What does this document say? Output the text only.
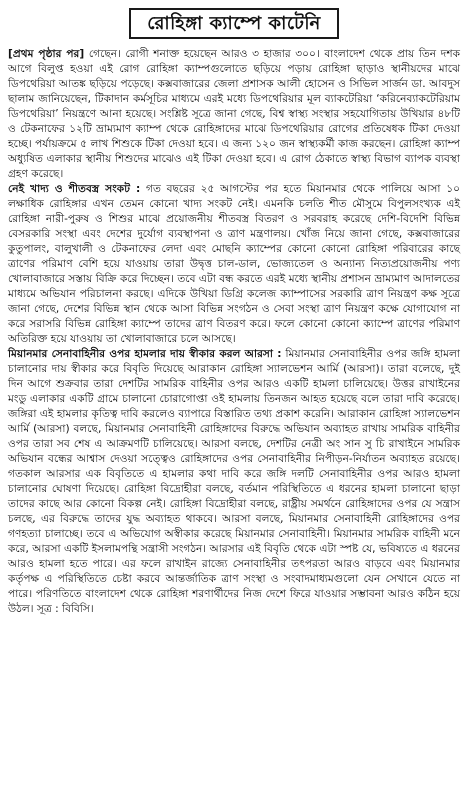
রোহিঙ্গা ক্যাম্পে কাটেনি

[প্রথম পৃষ্ঠার পর] গেছেন। রোগী শনাক্ত হয়েছেন আরও ৩ হাজার ৩০০। বাংলাদেশ থেকে প্রায় তিন দশক আগে বিলুপ্ত হওয়া এই রোগ রোহিঙ্গা ক্যাম্পগুলোতে ছড়িয়ে পড়ায় রোহিঙ্গা ছাড়াও স্থানীয়দের মাঝে ডিপথেরিয়া আতঙ্ক ছড়িয়ে পড়েছে। কক্সবাজারের জেলা প্রশাসক আলী হোসেন ও সিভিল সার্জন ডা. আবদুস ছালাম জানিয়েছেন, টিকাদান কর্মসূচির মাধ্যমে এরই মধ্যে ডিপথেরিয়ার মূল ব্যাকটেরিয়া ‘করিনেব্যাকটেরিয়াম ডিপথেরিয়া’ নিয়ন্ত্রণে আনা হয়েছে। সংশ্লিষ্ট সূত্রে জানা গেছে, বিশ্ব স্বাস্থ্য সংস্থার সহযোগিতায় উখিয়ার ৪৮টি ও টেকনাফের ১২টি ভ্রাম্যমাণ ক্যাম্প থেকে রোহিঙ্গাদের মাঝে ডিপথেরিয়ার রোগের প্রতিষেধক টিকা দেওয়া হচ্ছে। পর্যায়ক্রমে ৫ লাখ শিশুকে টিকা দেওয়া হবে। এ জন্য ১২০ জন স্বাস্থ্যকর্মী কাজ করছেন। রোহিঙ্গা ক্যাম্প অধ্যুষিত এলাকার স্থানীয় শিশুদের মাঝেও এই টিকা দেওয়া হবে। এ রোগ ঠেকাতে স্বাস্থ্য বিভাগ ব্যাপক ব্যবস্থা গ্রহণ করেছে।

নেই খাদ্য ও শীতবস্ত্র সংকট : গত বছরের ২৫ আগস্টের পর হতে মিয়ানমার থেকে পালিয়ে আসা ১০ লক্ষাধিক রোহিঙ্গার এখন তেমন কোনো খাদ্য সংকট নেই। এমনকি চলতি শীত মৌসুমে বিপুলসংখ্যক এই রোহিঙ্গা নারী-পুরুষ ও শিশুর মাঝে প্রয়োজনীয় শীতবস্ত্র বিতরণ ও সরবরাহ করেছে দেশি-বিদেশি বিভিন্ন বেসরকারি সংস্থা এবং দেশের দুর্যোগ ব্যবস্থাপনা ও ত্রাণ মন্ত্রণালয়। খোঁজ নিয়ে জানা গেছে, কক্সবাজারের কুতুপালং, বালুখালী ও টেকনাফের লেদা এবং মোছনি ক্যাম্পের কোনো কোনো রোহিঙ্গা পরিবারের কাছে ত্রাণের পরিমাণ বেশি হয়ে যাওয়ায় তারা উদ্বৃত্ত চাল-ডাল, ভোজ্যতেল ও অন্যান্য নিত্যপ্রয়োজনীয় পণ্য খোলাবাজারে সস্তায় বিক্রি করে দিচ্ছেন। তবে এটা বন্ধ করতে এরই মধ্যে স্থানীয় প্রশাসন ভ্রাম্যমাণ আদালতের মাধ্যমে অভিযান পরিচালনা করছে। এদিকে উখিয়া ডিগ্রি কলেজ ক্যাম্পাসের সরকারি ত্রাণ নিয়ন্ত্রণ কক্ষ সূত্রে জানা গেছে, দেশের বিভিন্ন স্থান থেকে আসা বিভিন্ন সংগঠন ও সেবা সংস্থা ত্রাণ নিয়ন্ত্রণ কক্ষে যোগাযোগ না করে সরাসরি বিভিন্ন রোহিঙ্গা ক্যাম্পে তাদের ত্রাণ বিতরণ করে। ফলে কোনো কোনো ক্যাম্পে ত্রাণের পরিমাণ অতিরিক্ত হয়ে যাওয়ায় তা খোলাবাজারে চলে আসছে।

মিয়ানমার সেনাবাহিনীর ওপর হামলার দায় স্বীকার করল আরসা : মিয়ানমার সেনাবাহিনীর ওপর জঙ্গি হামলা চালানোর দায় স্বীকার করে বিবৃতি দিয়েছে আরাকান রোহিঙ্গা স্যালভেশন আর্মি (আরসা)। তারা বলেছে, দুই দিন আগে শুক্রবার তারা দেশটির সামরিক বাহিনীর ওপর আরও একটি হামলা চালিয়েছে। উত্তর রাখাইনের মংডু এলাকার একটি গ্রামে চালানো চোরাগোপ্তা ওই হামলায় তিনজন আহত হয়েছে বলে তারা দাবি করেছে। জঙ্গিরা এই হামলার কৃতিত্ব দাবি করলেও ব্যাপারে বিস্তারিত তথ্য প্রকাশ করেনি। আরাকান রোহিঙ্গা স্যালভেশন আর্মি (আরসা) বলছে, মিয়ানমার সেনাবাহিনী রোহিঙ্গাদের বিরুদ্ধে অভিযান অব্যাহত রাখায় সামরিক বাহিনীর ওপর তারা সব শেষ এ আক্রমণটি চালিয়েছে। আরসা বলছে, দেশটির নেত্রী অং সান সু চি রাখাইনে সামরিক অভিযান বন্ধের আশ্বাস দেওয়া সত্ত্বেও রোহিঙ্গাদের ওপর সেনাবাহিনীর নিপীড়ন-নির্যাতন অব্যাহত রয়েছে। গতকাল আরসার এক বিবৃতিতে এ হামলার কথা দাবি করে জঙ্গি দলটি সেনাবাহিনীর ওপর আরও হামলা চালানোর ঘোষণা দিয়েছে। রোহিঙ্গা বিদ্রোহীরা বলছে, বর্তমান পরিস্থিতিতে এ ধরনের হামলা চালানো ছাড়া তাদের কাছে আর কোনো বিকল্প নেই। রোহিঙ্গা বিদ্রোহীরা বলছে, রাষ্ট্রীয় সমর্থনে রোহিঙ্গাদের ওপর যে সন্ত্রাস চলছে, এর বিরুদ্ধে তাদের যুদ্ধ অব্যাহত থাকবে। আরসা বলছে, মিয়ানমার সেনাবাহিনী রোহিঙ্গাদের ওপর গণহত্যা চালাচ্ছে। তবে এ অভিযোগ অস্বীকার করেছে মিয়ানমার সেনাবাহিনী। মিয়ানমার সামরিক বাহিনী মনে করে, আরসা একটি ইসলামপন্থি সন্ত্রাসী সংগঠন। আরসার এই বিবৃতি থেকে এটা স্পষ্ট যে, ভবিষ্যতে এ ধরনের আরও হামলা হতে পারে। এর ফলে রাখাইন রাজ্যে সেনাবাহিনীর তৎপরতা আরও বাড়বে এবং মিয়ানমার কর্তৃপক্ষ এ পরিস্থিতিতে চেষ্টা করবে আন্তর্জাতিক ত্রাণ সংস্থা ও সংবাদমাধ্যমগুলো যেন সেখানে যেতে না পারে। পরিণতিতে বাংলাদেশ থেকে রোহিঙ্গা শরণার্থীদের নিজ দেশে ফিরে যাওয়ার সম্ভাবনা আরও কঠিন হয়ে উঠল। সূত্র : বিবিসি।
